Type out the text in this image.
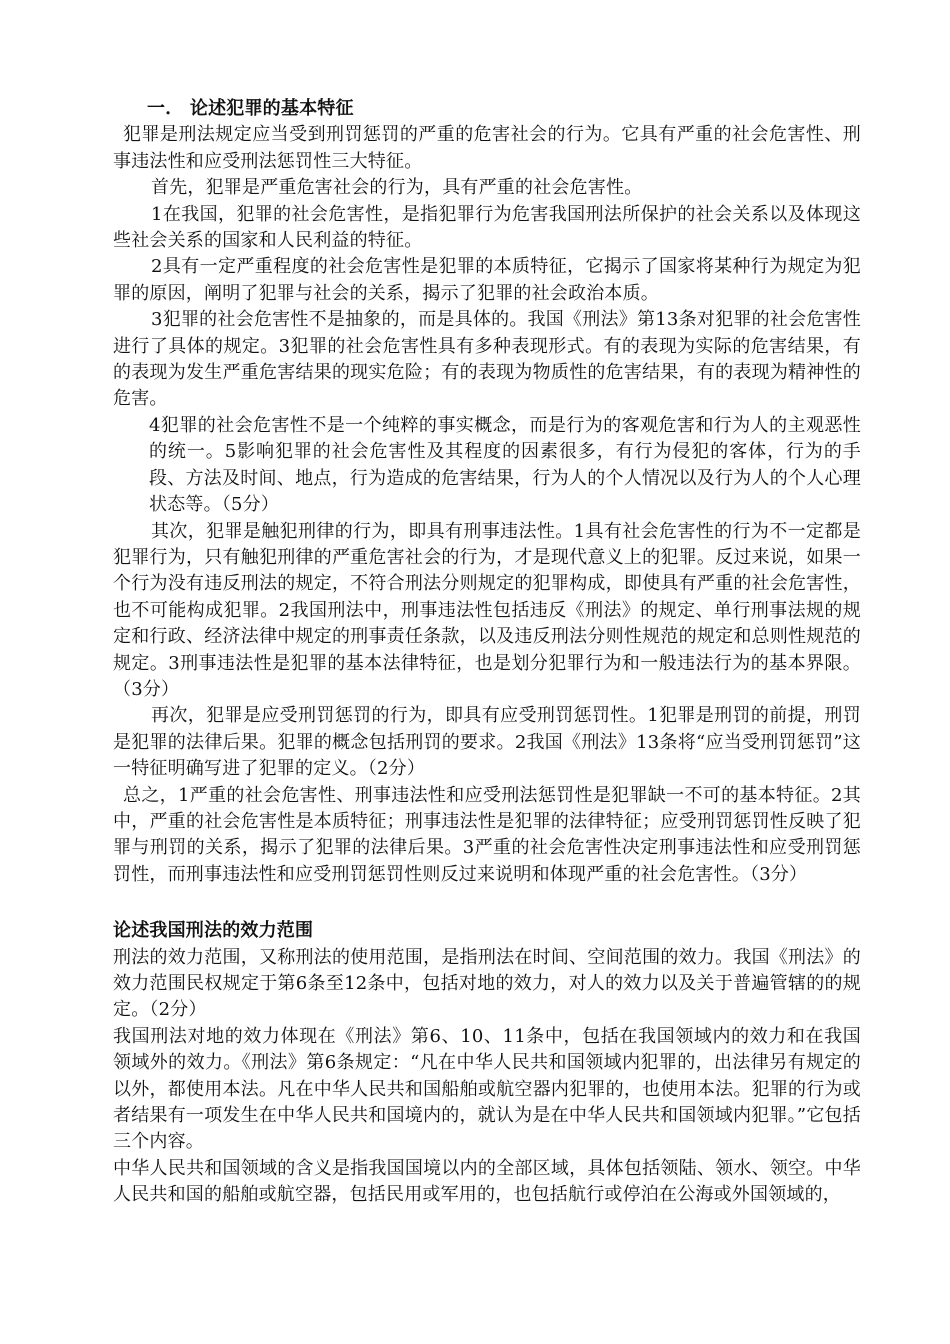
一． 论述犯罪的基本特征

犯罪是刑法规定应当受到刑罚惩罚的严重的危害社会的行为。它具有严重的社会危害性、刑事违法性和应受刑法惩罚性三大特征。

首先，犯罪是严重危害社会的行为，具有严重的社会危害性。

1在我国，犯罪的社会危害性，是指犯罪行为危害我国刑法所保护的社会关系以及体现这些社会关系的国家和人民利益的特征。

2具有一定严重程度的社会危害性是犯罪的本质特征，它揭示了国家将某种行为规定为犯罪的原因，阐明了犯罪与社会的关系，揭示了犯罪的社会政治本质。

3犯罪的社会危害性不是抽象的，而是具体的。我国《刑法》第13条对犯罪的社会危害性进行了具体的规定。3犯罪的社会危害性具有多种表现形式。有的表现为实际的危害结果，有的表现为发生严重危害结果的现实危险；有的表现为物质性的危害结果，有的表现为精神性的危害。

4犯罪的社会危害性不是一个纯粹的事实概念，而是行为的客观危害和行为人的主观恶性的统一。5影响犯罪的社会危害性及其程度的因素很多，有行为侵犯的客体，行为的手段、方法及时间、地点，行为造成的危害结果，行为人的个人情况以及行为人的个人心理状态等。（5分）

其次，犯罪是触犯刑律的行为，即具有刑事违法性。1具有社会危害性的行为不一定都是犯罪行为，只有触犯刑律的严重危害社会的行为，才是现代意义上的犯罪。反过来说，如果一个行为没有违反刑法的规定，不符合刑法分则规定的犯罪构成，即使具有严重的社会危害性，也不可能构成犯罪。2我国刑法中，刑事违法性包括违反《刑法》的规定、单行刑事法规的规定和行政、经济法律中规定的刑事责任条款，以及违反刑法分则性规范的规定和总则性规范的规定。3刑事违法性是犯罪的基本法律特征，也是划分犯罪行为和一般违法行为的基本界限。（3分）

再次，犯罪是应受刑罚惩罚的行为，即具有应受刑罚惩罚性。1犯罪是刑罚的前提，刑罚是犯罪的法律后果。犯罪的概念包括刑罚的要求。2我国《刑法》13条将“应当受刑罚惩罚”这一特征明确写进了犯罪的定义。（2分）

总之，1严重的社会危害性、刑事违法性和应受刑法惩罚性是犯罪缺一不可的基本特征。2其中，严重的社会危害性是本质特征；刑事违法性是犯罪的法律特征；应受刑罚惩罚性反映了犯罪与刑罚的关系，揭示了犯罪的法律后果。3严重的社会危害性决定刑事违法性和应受刑罚惩罚性，而刑事违法性和应受刑罚惩罚性则反过来说明和体现严重的社会危害性。（3分）

论述我国刑法的效力范围

刑法的效力范围，又称刑法的使用范围，是指刑法在时间、空间范围的效力。我国《刑法》的效力范围民权规定于第6条至12条中，包括对地的效力，对人的效力以及关于普遍管辖的的规定。（2分）

我国刑法对地的效力体现在《刑法》第6、10、11条中，包括在我国领域内的效力和在我国领域外的效力。《刑法》第6条规定：“凡在中华人民共和国领域内犯罪的，出法律另有规定的以外，都使用本法。凡在中华人民共和国船舶或航空器内犯罪的，也使用本法。犯罪的行为或者结果有一项发生在中华人民共和国境内的，就认为是在中华人民共和国领域内犯罪。”它包括三个内容。

中华人民共和国领域的含义是指我国国境以内的全部区域，具体包括领陆、领水、领空。中华人民共和国的船舶或航空器，包括民用或军用的，也包括航行或停泊在公海或外国领域的，
